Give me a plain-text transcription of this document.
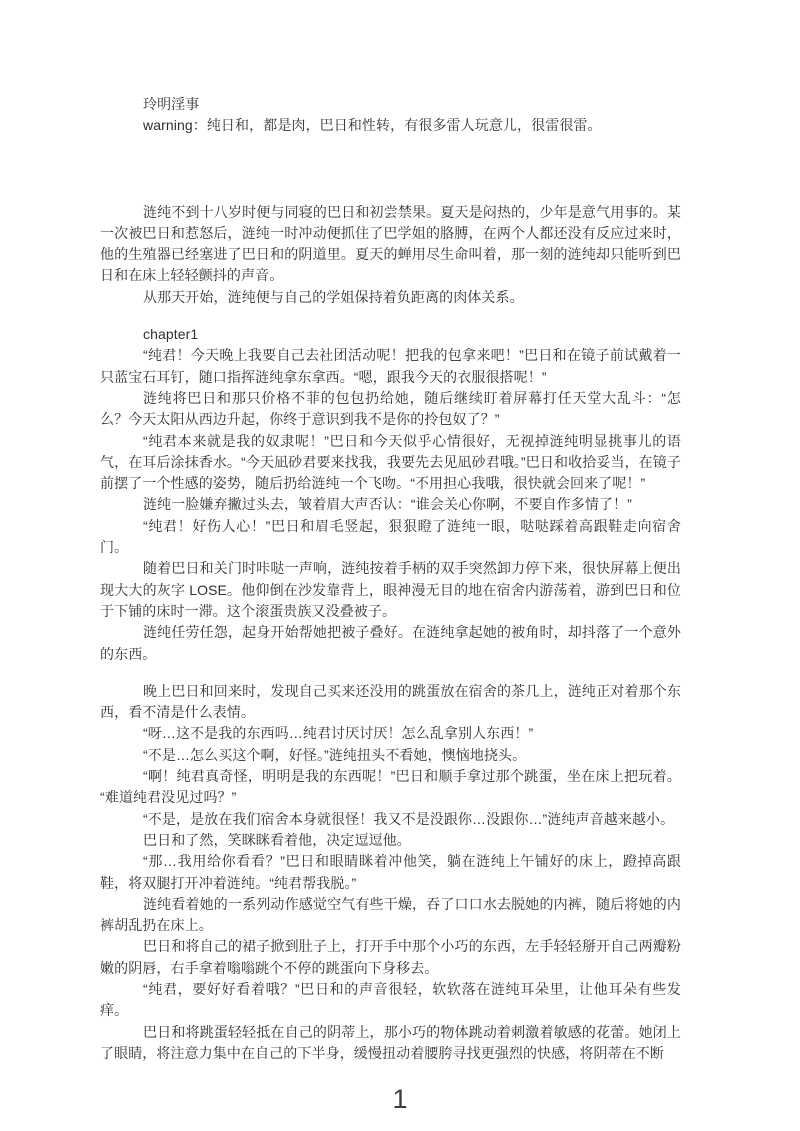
玲明淫事

warning：纯日和，都是肉，巴日和性转，有很多雷人玩意儿，很雷很雷。

涟纯不到十八岁时便与同寝的巴日和初尝禁果。夏天是闷热的，少年是意气用事的。某一次被巴日和惹怒后，涟纯一时冲动便抓住了巴学姐的胳膊，在两个人都还没有反应过来时，他的生殖器已经塞进了巴日和的阴道里。夏天的蝉用尽生命叫着，那一刻的涟纯却只能听到巴日和在床上轻轻颤抖的声音。

从那天开始，涟纯便与自己的学姐保持着负距离的肉体关系。

chapter1

“纯君！今天晚上我要自己去社团活动呢！把我的包拿来吧！”巴日和在镜子前试戴着一只蓝宝石耳钉，随口指挥涟纯拿东拿西。“嗯，跟我今天的衣服很搭呢！”

涟纯将巴日和那只价格不菲的包包扔给她，随后继续盯着屏幕打任天堂大乱斗：“怎么？今天太阳从西边升起，你终于意识到我不是你的拎包奴了？”

“纯君本来就是我的奴隶呢！”巴日和今天似乎心情很好，无视掉涟纯明显挑事儿的语气，在耳后涂抹香水。“今天凪砂君要来找我，我要先去见凪砂君哦。”巴日和收拾妥当，在镜子前摆了一个性感的姿势，随后扔给涟纯一个飞吻。“不用担心我哦，很快就会回来了呢！”

涟纯一脸嫌弃撇过头去，皱着眉大声否认：“谁会关心你啊，不要自作多情了！”

“纯君！好伤人心！”巴日和眉毛竖起，狠狠瞪了涟纯一眼，哒哒踩着高跟鞋走向宿舍门。

随着巴日和关门时咔哒一声响，涟纯按着手柄的双手突然卸力停下来，很快屏幕上便出现大大的灰字 LOSE。他仰倒在沙发靠背上，眼神漫无目的地在宿舍内游荡着，游到巴日和位于下铺的床时一滞。这个滚蛋贵族又没叠被子。

涟纯任劳任怨，起身开始帮她把被子叠好。在涟纯拿起她的被角时，却抖落了一个意外的东西。

晚上巴日和回来时，发现自己买来还没用的跳蛋放在宿舍的茶几上，涟纯正对着那个东西，看不清是什么表情。

“呀…这不是我的东西吗…纯君讨厌讨厌！怎么乱拿别人东西！”

“不是…怎么买这个啊，好怪。”涟纯扭头不看她，懊恼地挠头。

“啊！纯君真奇怪，明明是我的东西呢！”巴日和顺手拿过那个跳蛋，坐在床上把玩着。“难道纯君没见过吗？”

“不是，是放在我们宿舍本身就很怪！我又不是没跟你…没跟你…”涟纯声音越来越小。

巴日和了然，笑眯眯看着他，决定逗逗他。

“那…我用给你看看？”巴日和眼睛眯着冲他笑，躺在涟纯上午铺好的床上，蹬掉高跟鞋，将双腿打开冲着涟纯。“纯君帮我脱。”

涟纯看着她的一系列动作感觉空气有些干燥，吞了口口水去脱她的内裤，随后将她的内裤胡乱扔在床上。

巴日和将自己的裙子掀到肚子上，打开手中那个小巧的东西，左手轻轻掰开自己两瓣粉嫩的阴唇，右手拿着嗡嗡跳个不停的跳蛋向下身移去。

“纯君，要好好看着哦？”巴日和的声音很轻，软软落在涟纯耳朵里，让他耳朵有些发痒。

巴日和将跳蛋轻轻抵在自己的阴蒂上，那小巧的物体跳动着刺激着敏感的花蕾。她闭上了眼睛，将注意力集中在自己的下半身，缓慢扭动着腰胯寻找更强烈的快感，将阴蒂在不断

1
